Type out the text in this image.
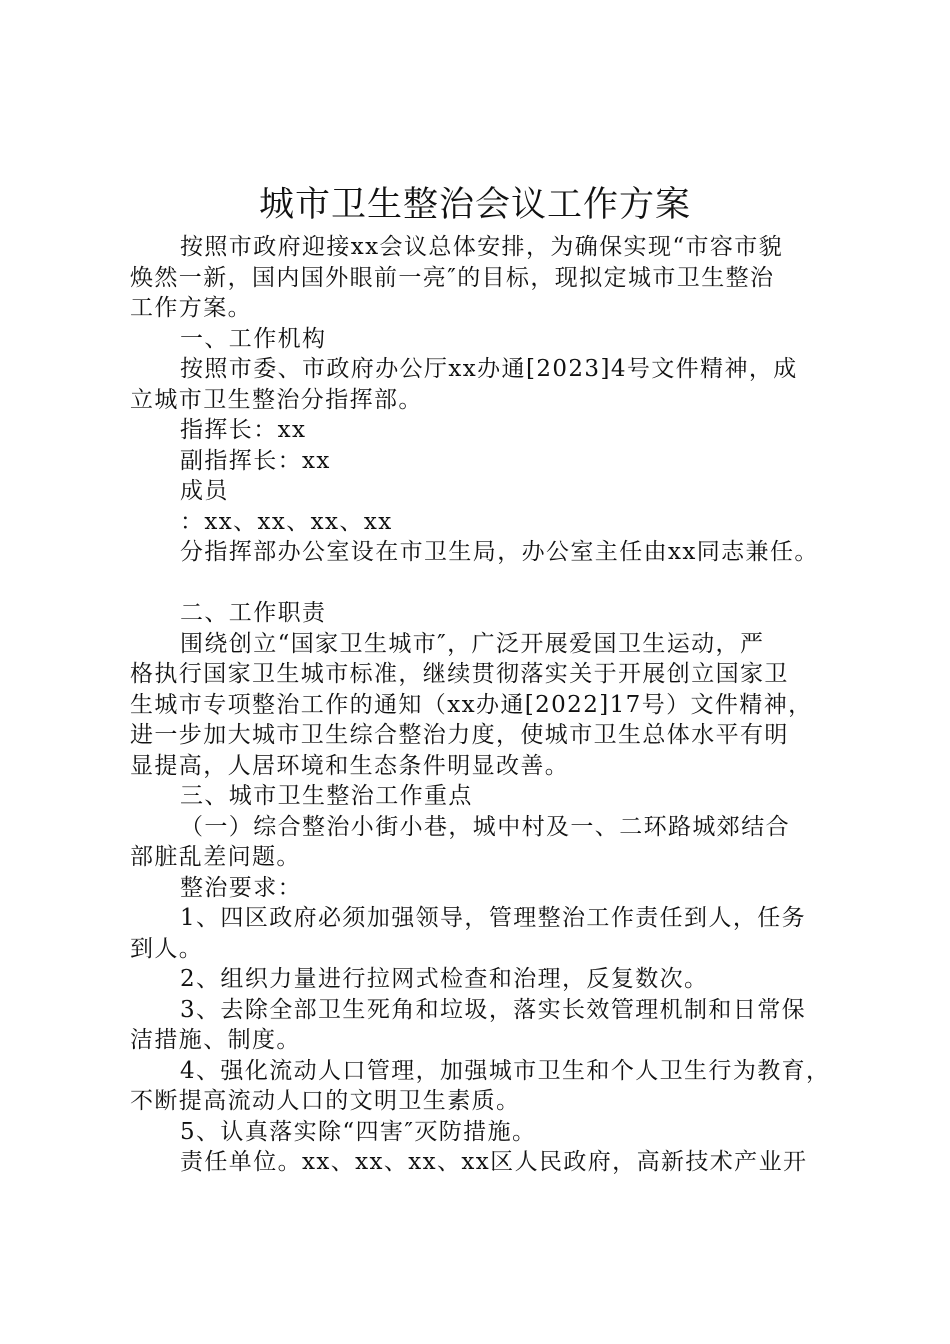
城市卫生整治会议工作方案

按照市政府迎接xx会议总体安排，为确保实现“市容市貌

焕然一新，国内国外眼前一亮″的目标，现拟定城市卫生整治

工作方案。

一、工作机构

按照市委、市政府办公厅xx办通[2023]4号文件精神，成

立城市卫生整治分指挥部。

指挥长：xx

副指挥长：xx

成员

：xx、xx、xx、xx

分指挥部办公室设在市卫生局，办公室主任由xx同志兼任。

二、工作职责

围绕创立“国家卫生城市″，广泛开展爱国卫生运动，严

格执行国家卫生城市标准，继续贯彻落实关于开展创立国家卫

生城市专项整治工作的通知（xx办通[2022]17号）文件精神，

进一步加大城市卫生综合整治力度，使城市卫生总体水平有明

显提高，人居环境和生态条件明显改善。

三、城市卫生整治工作重点

（一）综合整治小街小巷，城中村及一、二环路城郊结合

部脏乱差问题。

整治要求：

1、四区政府必须加强领导，管理整治工作责任到人，任务

到人。

2、组织力量进行拉网式检查和治理，反复数次。

3、去除全部卫生死角和垃圾，落实长效管理机制和日常保

洁措施、制度。

4、强化流动人口管理，加强城市卫生和个人卫生行为教育，

不断提高流动人口的文明卫生素质。

5、认真落实除“四害″灭防措施。

责任单位。xx、xx、xx、xx区人民政府，高新技术产业开
